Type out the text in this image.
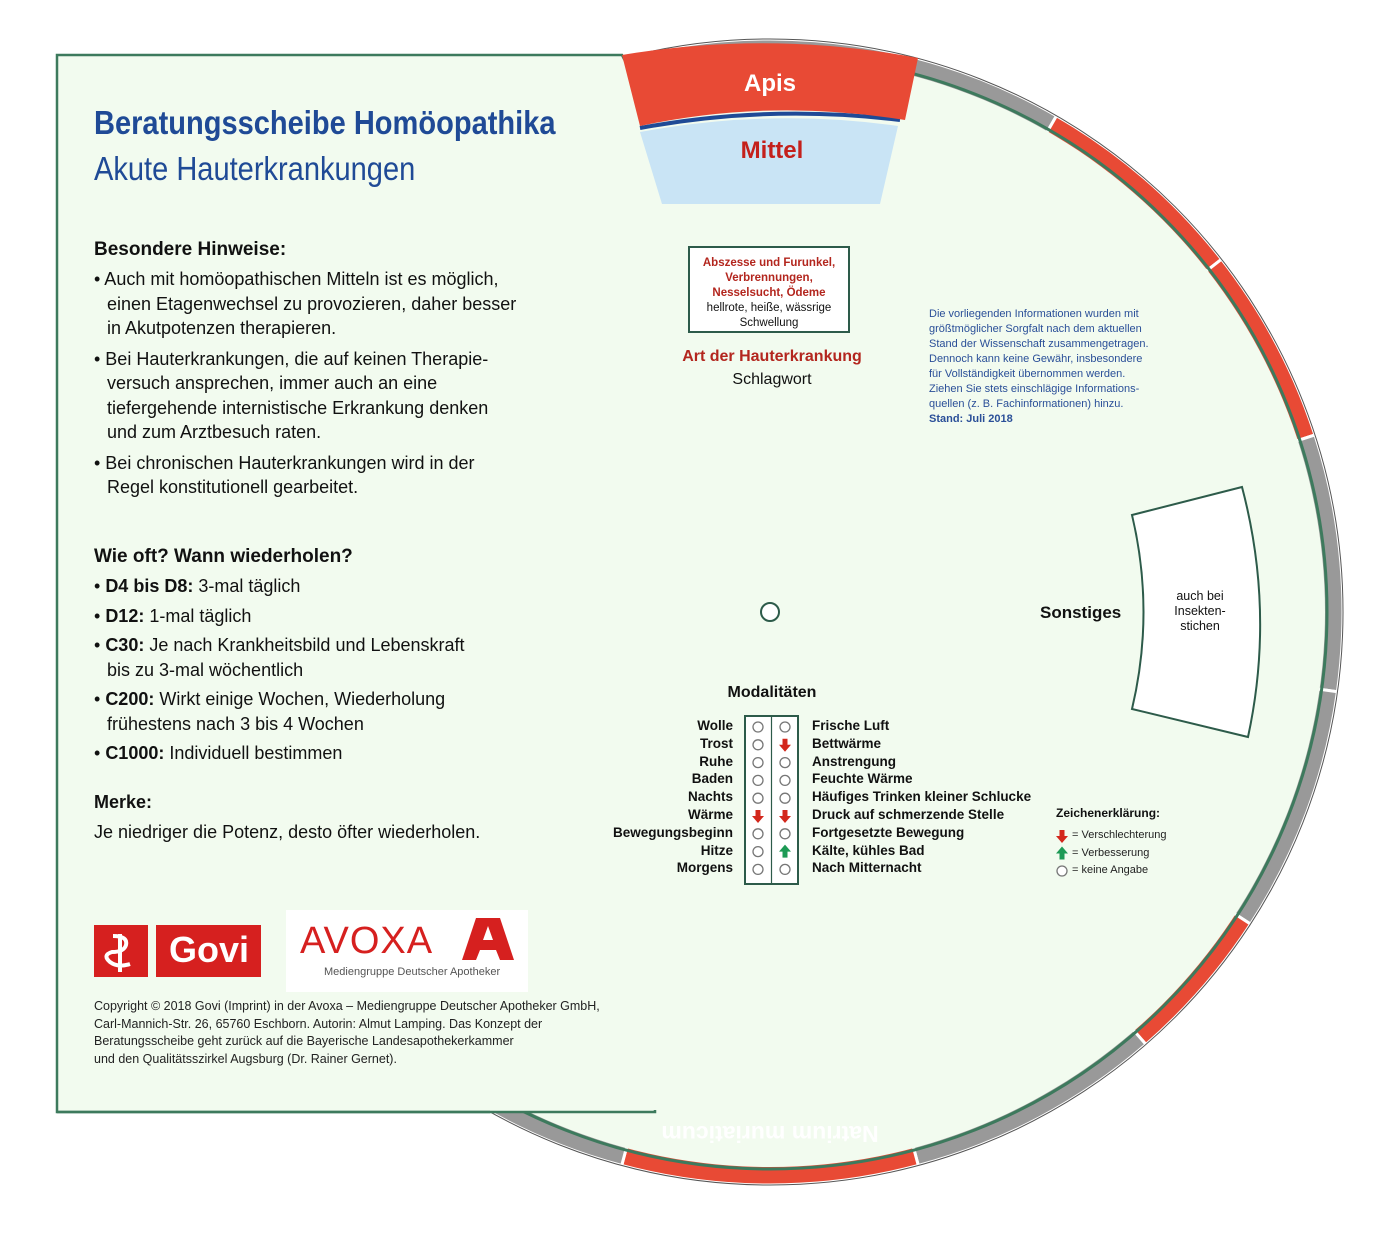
Apis
Mittel
Natrium muriaticum
Beratungsscheibe Homöopathika
Akute Hauterkrankungen
Besondere Hinweise:
• Auch mit homöopathischen Mitteln ist es möglich,
einen Etagenwechsel zu provozieren, daher besser
in Akutpotenzen therapieren.
• Bei Hauterkrankungen, die auf keinen Therapie-
versuch ansprechen, immer auch an eine
tiefergehende internistische Erkrankung denken
und zum Arztbesuch raten.
• Bei chronischen Hauterkrankungen wird in der
Regel konstitutionell gearbeitet.
Wie oft? Wann wiederholen?
• D4 bis D8: 3-mal täglich
• D12: 1-mal täglich
• C30: Je nach Krankheitsbild und Lebenskraft
bis zu 3-mal wöchentlich
• C200: Wirkt einige Wochen, Wiederholung
frühestens nach 3 bis 4 Wochen
• C1000: Individuell bestimmen
Merke:
Je niedriger die Potenz, desto öfter wiederholen.
Govi AVOXA
Mediengruppe Deutscher Apotheker
Copyright © 2018 Govi (Imprint) in der Avoxa – Mediengruppe Deutscher Apotheker GmbH,
Carl-Mannich-Str. 26, 65760 Eschborn. Autorin: Almut Lamping. Das Konzept der
Beratungsscheibe geht zurück auf die Bayerische Landesapothekerkammer
und den Qualitätsszirkel Augsburg (Dr. Rainer Gernet).
Abszesse und Furunkel,
Verbrennungen,
Nesselsucht, Ödeme
hellrote, heiße, wässrige
Schwellung
Art der Hauterkrankung
Schlagwort
Die vorliegenden Informationen wurden mit
größtmöglicher Sorgfalt nach dem aktuellen
Stand der Wissenschaft zusammengetragen.
Dennoch kann keine Gewähr, insbesondere
für Vollständigkeit übernommen werden.
Ziehen Sie stets einschlägige Informations-
quellen (z. B. Fachinformationen) hinzu.
Stand: Juli 2018
Modalitäten
Wolle
Trost
Ruhe
Baden
Nachts
Wärme
Bewegungsbeginn
Hitze
Morgens
Frische Luft
Bettwärme
Anstrengung
Feuchte Wärme
Häufiges Trinken kleiner Schlucke
Druck auf schmerzende Stelle
Fortgesetzte Bewegung
Kälte, kühles Bad
Nach Mitternacht
Sonstiges
auch bei
Insekten-
stichen
Zeichenerklärung:
= Verschlechterung
= Verbesserung
= keine Angabe
